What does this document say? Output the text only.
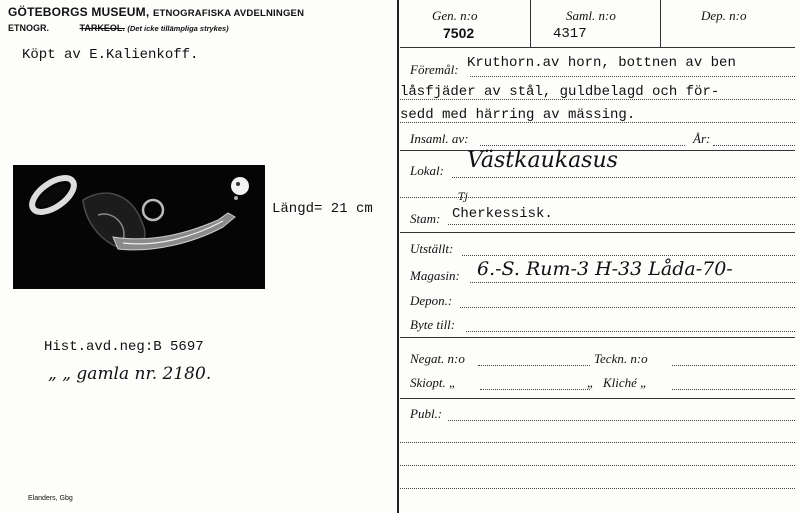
GÖTEBORGS MUSEUM, ETNOGRAFISKA AVDELNINGEN
ETNOGR.	TARKEOL. (Det icke tillämpliga strykes)
Köpt av E.Kalienkoff.
Längd= 21 cm
Hist.avd.neg:B 5697
„ „ gamla nr. 2180.
Elanders, Gbg
Gen. n:o
7502
Saml. n:o
4317
Dep. n:o
Föremål: Kruthorn.av horn, bottnen av ben
låsfjäder av stål, guldbelagd och för-
sedd med härring av mässing.
Insaml. av:	År:
Lokal: Västkaukasus
Stam:
Tj
Cherkessisk.
Utställt:
Magasin: 6.-S. Rum-3 H-33 Låda-70-
Depon.:
Byte till:
Negat. n:o	Teckn. n:o
Skiopt. „	„ Kliché „
Publ.:
